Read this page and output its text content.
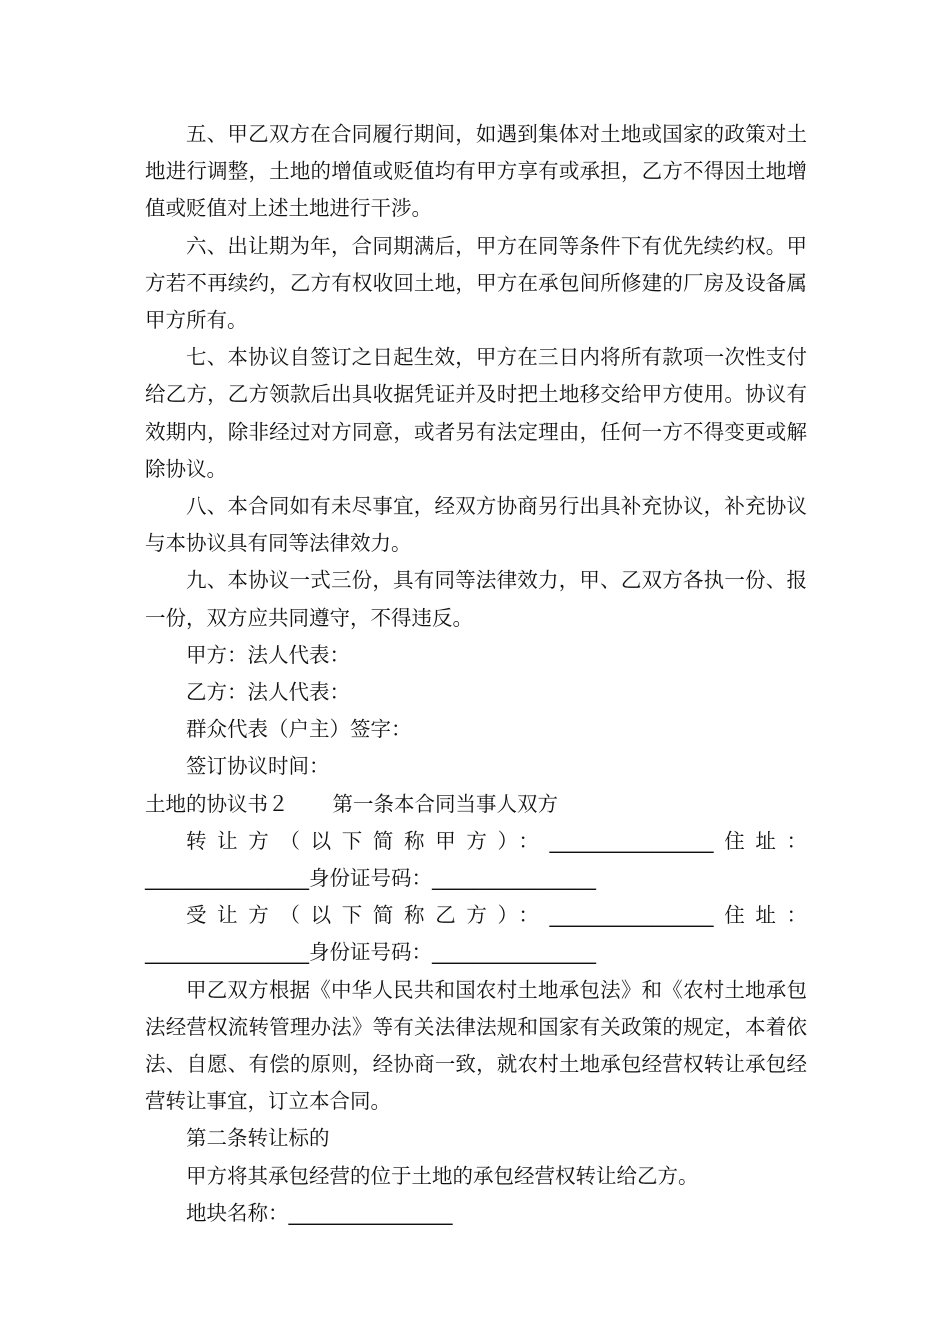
五、甲乙双方在合同履行期间，如遇到集体对土地或国家的政策对土地进行调整，土地的增值或贬值均有甲方享有或承担，乙方不得因土地增值或贬值对上述土地进行干涉。

六、出让期为年，合同期满后，甲方在同等条件下有优先续约权。甲方若不再续约，乙方有权收回土地，甲方在承包间所修建的厂房及设备属甲方所有。

七、本协议自签订之日起生效，甲方在三日内将所有款项一次性支付给乙方，乙方领款后出具收据凭证并及时把土地移交给甲方使用。协议有效期内，除非经过对方同意，或者另有法定理由，任何一方不得变更或解除协议。

八、本合同如有未尽事宜，经双方协商另行出具补充协议，补充协议与本协议具有同等法律效力。

九、本协议一式三份，具有同等法律效力，甲、乙双方各执一份、报一份，双方应共同遵守，不得违反。

甲方：法人代表：

乙方：法人代表：

群众代表（户主）签字：

签订协议时间：

土地的协议书２ 第一条本合同当事人双方

转让方（以下简称甲方）：________________住址：________________身份证号码：________________

受让方（以下简称乙方）：________________住址：________________身份证号码：________________

甲乙双方根据《中华人民共和国农村土地承包法》和《农村土地承包法经营权流转管理办法》等有关法律法规和国家有关政策的规定，本着依法、自愿、有偿的原则，经协商一致，就农村土地承包经营权转让承包经营转让事宜，订立本合同。

第二条转让标的

甲方将其承包经营的位于土地的承包经营权转让给乙方。

地块名称：________________
